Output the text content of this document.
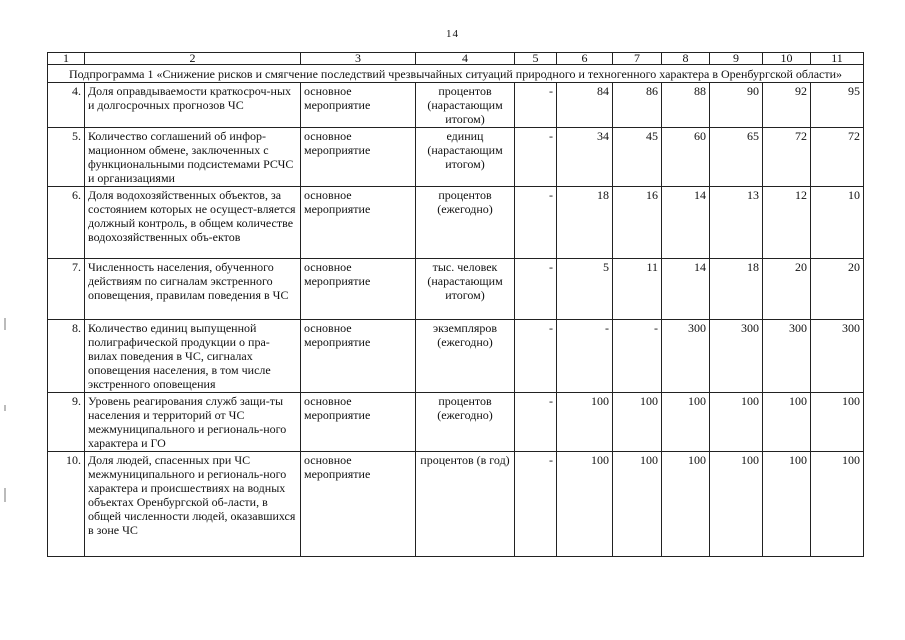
14
1	2	3	4	5	6	7	8	9	10	11
Подпрограмма 1 «Снижение рисков и смягчение последствий чрезвычайных ситуаций природного и техногенного характера в Оренбургской области»										
4.	Доля оправдываемости краткосроч-ных и долгосрочных прогнозов ЧС	основное мероприятие	процентов (нарастающим итогом)	-	84	86	88	90	92	95
5.	Количество соглашений об инфор-мационном обмене, заключенных с функциональными подсистемами РСЧС и организациями	основное мероприятие	единиц (нарастающим итогом)	-	34	45	60	65	72	72
6.	Доля водохозяйственных объектов, за состоянием которых не осущест-вляется должный контроль, в общем количестве водохозяйственных объ-ектов	основное мероприятие	процентов (ежегодно)	-	18	16	14	13	12	10
7.	Численность населения, обученного действиям по сигналам экстренного оповещения, правилам поведения в ЧС	основное мероприятие	тыс. человек (нарастающим итогом)	-	5	11	14	18	20	20
8.	Количество единиц выпущенной полиграфической продукции о пра-вилах поведения в ЧС, сигналах оповещения населения, в том числе экстренного оповещения	основное мероприятие	экземпляров (ежегодно)	-	-	-	300	300	300	300
9.	Уровень реагирования служб защи-ты населения и территорий от ЧС межмуниципального и региональ-ного характера и ГО	основное мероприятие	процентов (ежегодно)	-	100	100	100	100	100	100
10.	Доля людей, спасенных при ЧС межмуниципального и региональ-ного характера и происшествиях на водных объектах Оренбургской об-ласти, в общей численности людей, оказавшихся в зоне ЧС	основное мероприятие	процентов (в год)	-	100	100	100	100	100	100
